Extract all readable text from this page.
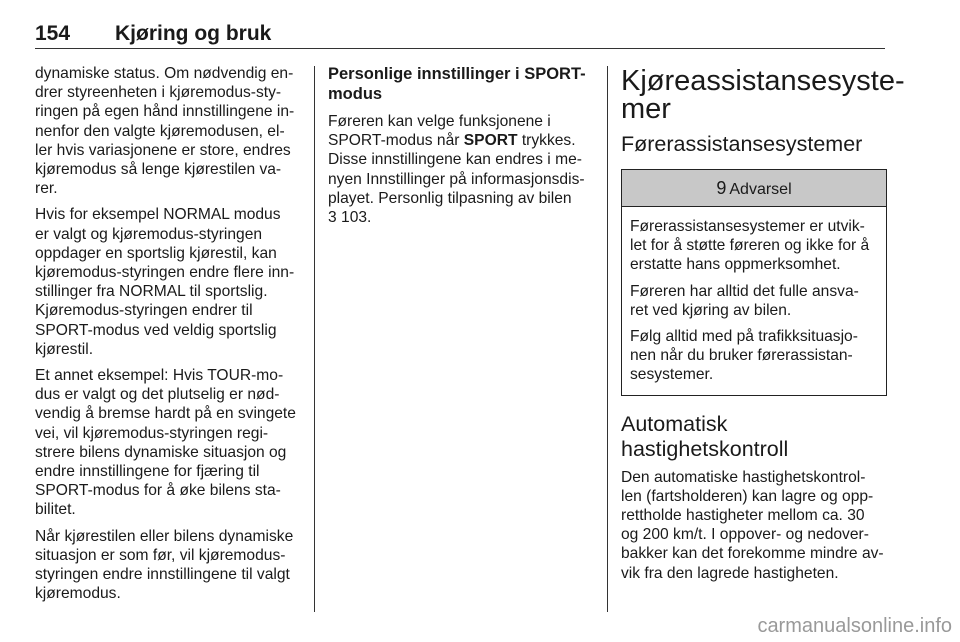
154 Kjøring og bruk

dynamiske status. Om nødvendig en-
drer styreenheten i kjøremodus-sty-
ringen på egen hånd innstillingene in-
nenfor den valgte kjøremodusen, el-
ler hvis variasjonene er store, endres
kjøremodus så lenge kjørestilen va-
rer.

Hvis for eksempel NORMAL modus
er valgt og kjøremodus-styringen
oppdager en sportslig kjørestil, kan
kjøremodus-styringen endre flere inn-
stillinger fra NORMAL til sportslig.
Kjøremodus-styringen endrer til
SPORT-modus ved veldig sportslig
kjørestil.

Et annet eksempel: Hvis TOUR-mo-
dus er valgt og det plutselig er nød-
vendig å bremse hardt på en svingete
vei, vil kjøremodus-styringen regi-
strere bilens dynamiske situasjon og
endre innstillingene for fjæring til
SPORT-modus for å øke bilens sta-
bilitet.

Når kjørestilen eller bilens dynamiske
situasjon er som før, vil kjøremodus-
styringen endre innstillingene til valgt
kjøremodus.

Personlige innstillinger i SPORT-
modus

Føreren kan velge funksjonene i
SPORT-modus når SPORT trykkes.
Disse innstillingene kan endres i me-
nyen Innstillinger på informasjonsdis-
playet. Personlig tilpasning av bilen
3 103.

Kjøreassistansesyste-
mer
Førerassistansesystemer
9 Advarsel

Førerassistansesystemer er utvik-
let for å støtte føreren og ikke for å
erstatte hans oppmerksomhet.

Føreren har alltid det fulle ansva-
ret ved kjøring av bilen.

Følg alltid med på trafikksituasjo-
nen når du bruker førerassistan-
sesystemer.

Automatisk
hastighetskontroll

Den automatiske hastighetskontrol-
len (fartsholderen) kan lagre og opp-
rettholde hastigheter mellom ca. 30
og 200 km/t. I oppover- og nedover-
bakker kan det forekomme mindre av-
vik fra den lagrede hastigheten.

carmanualsonline.info
